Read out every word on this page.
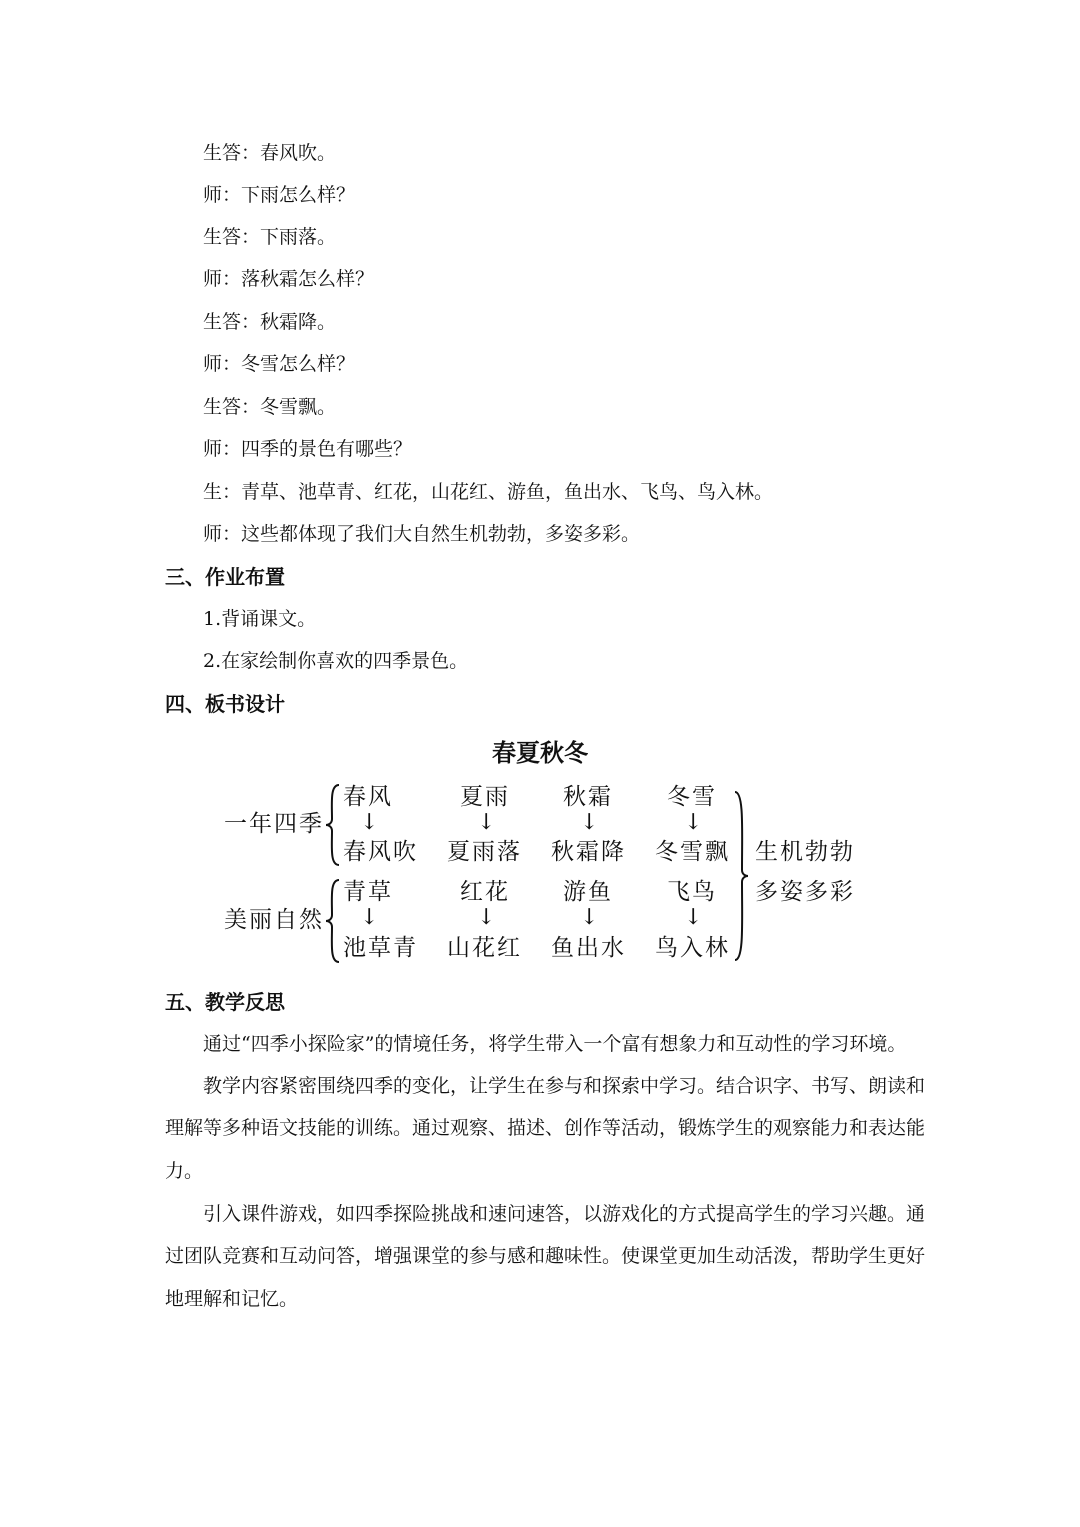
生答：春风吹。
师：下雨怎么样？
生答：下雨落。
师：落秋霜怎么样？
生答：秋霜降。
师：冬雪怎么样？
生答：冬雪飘。
师：四季的景色有哪些？
生：青草、池草青、红花，山花红、游鱼，鱼出水、飞鸟、鸟入林。
师：这些都体现了我们大自然生机勃勃，多姿多彩。
三、作业布置
1.背诵课文。
2.在家绘制你喜欢的四季景色。
四、板书设计
春夏秋冬
一年四季
春风	夏雨 秋霜 冬雪
↓	↓	↓	↓
春风吹 夏雨落 秋霜降 冬雪飘
美丽自然
青草	红花 游鱼 飞鸟
↓	↓	↓	↓
池草青 山花红 鱼出水 鸟入林
生机勃勃
多姿多彩
五、教学反思
通过“四季小探险家”的情境任务，将学生带入一个富有想象力和互动性的学习环境。
教学内容紧密围绕四季的变化，让学生在参与和探索中学习。结合识字、书写、朗读和
理解等多种语文技能的训练。通过观察、描述、创作等活动，锻炼学生的观察能力和表达能
力。
引入课件游戏，如四季探险挑战和速问速答，以游戏化的方式提高学生的学习兴趣。通
过团队竞赛和互动问答，增强课堂的参与感和趣味性。使课堂更加生动活泼，帮助学生更好
地理解和记忆。
